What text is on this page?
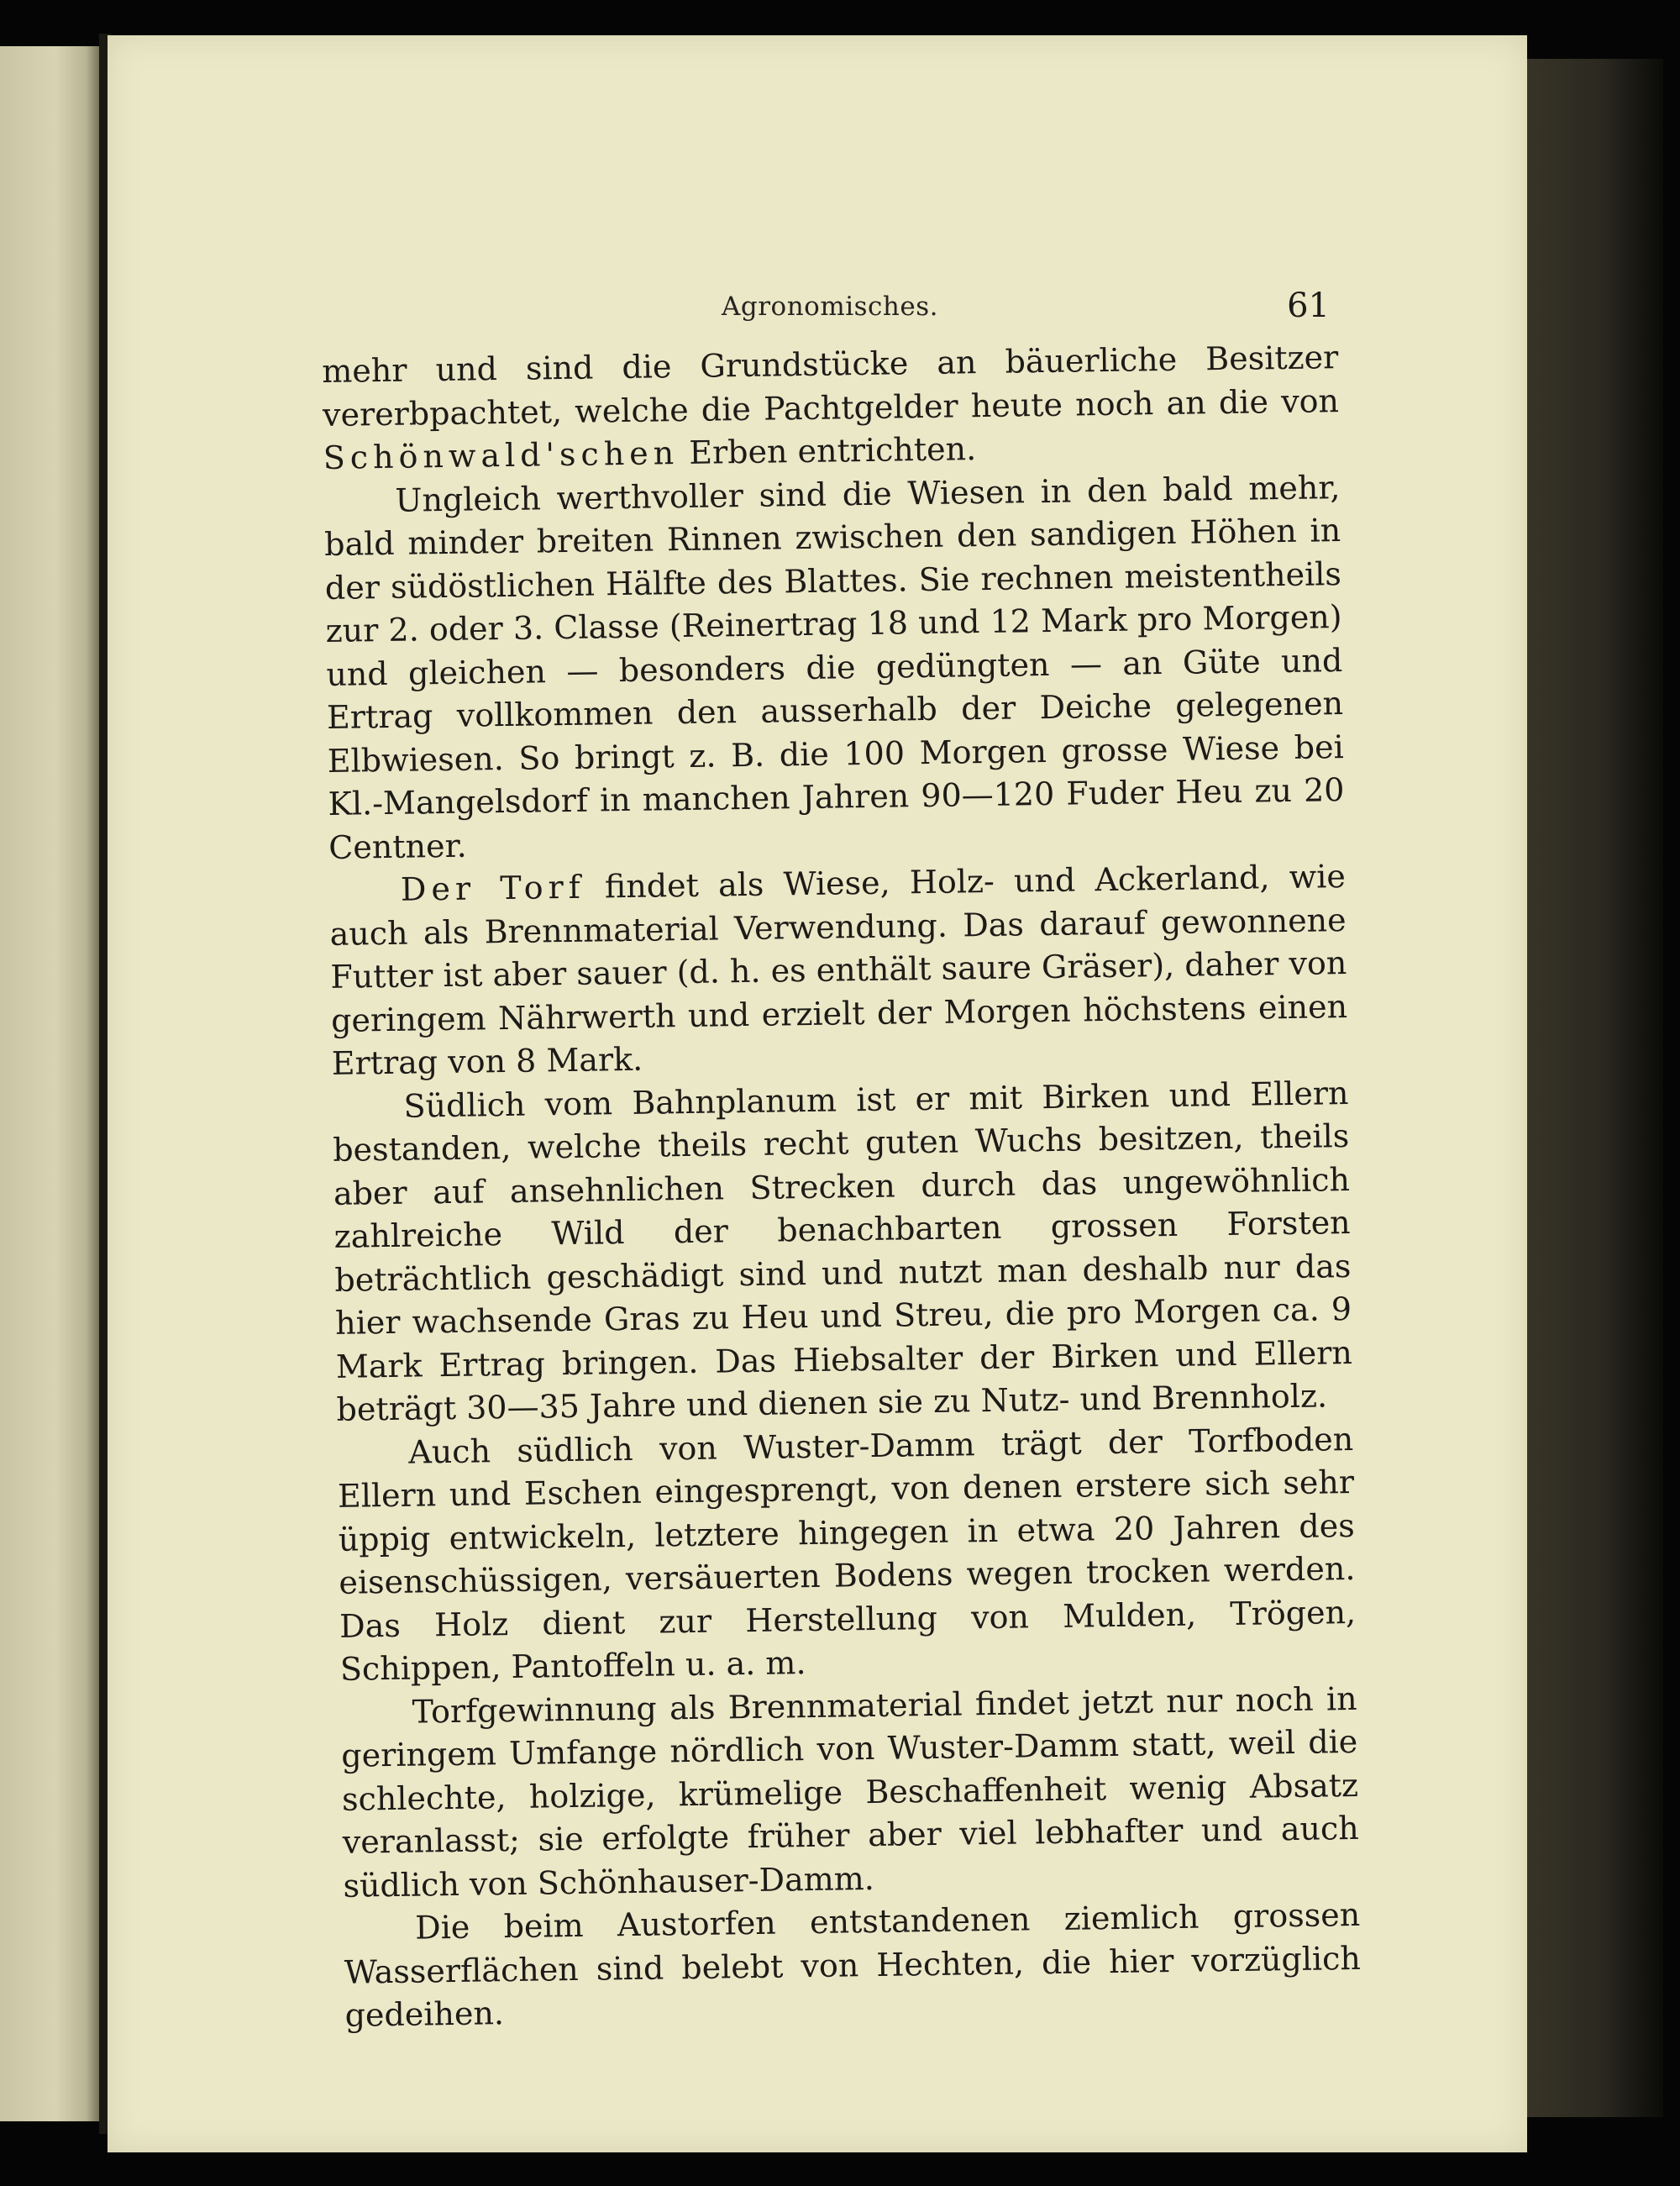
Agronomisches.	61

mehr und sind die Grundstücke an bäuerliche Besitzer vererbpachtet, welche die Pachtgelder heute noch an die von Schönwald'schen Erben entrichten.

Ungleich werthvoller sind die Wiesen in den bald mehr, bald minder breiten Rinnen zwischen den sandigen Höhen in der südöstlichen Hälfte des Blattes. Sie rechnen meistentheils zur 2. oder 3. Classe (Reinertrag 18 und 12 Mark pro Morgen) und gleichen — besonders die gedüngten — an Güte und Ertrag vollkommen den ausserhalb der Deiche gelegenen Elbwiesen. So bringt z. B. die 100 Morgen grosse Wiese bei Kl.-Mangelsdorf in manchen Jahren 90—120 Fuder Heu zu 20 Centner.

Der Torf findet als Wiese, Holz- und Ackerland, wie auch als Brennmaterial Verwendung. Das darauf gewonnene Futter ist aber sauer (d. h. es enthält saure Gräser), daher von geringem Nährwerth und erzielt der Morgen höchstens einen Ertrag von 8 Mark.

Südlich vom Bahnplanum ist er mit Birken und Ellern bestanden, welche theils recht guten Wuchs besitzen, theils aber auf ansehnlichen Strecken durch das ungewöhnlich zahlreiche Wild der benachbarten grossen Forsten beträchtlich geschädigt sind und nutzt man deshalb nur das hier wachsende Gras zu Heu und Streu, die pro Morgen ca. 9 Mark Ertrag bringen. Das Hiebsalter der Birken und Ellern beträgt 30—35 Jahre und dienen sie zu Nutz- und Brennholz.

Auch südlich von Wuster-Damm trägt der Torfboden Ellern und Eschen eingesprengt, von denen erstere sich sehr üppig entwickeln, letztere hingegen in etwa 20 Jahren des eisenschüssigen, versäuerten Bodens wegen trocken werden. Das Holz dient zur Herstellung von Mulden, Trögen, Schippen, Pantoffeln u. a. m.

Torfgewinnung als Brennmaterial findet jetzt nur noch in geringem Umfange nördlich von Wuster-Damm statt, weil die schlechte, holzige, krümelige Beschaffenheit wenig Absatz veranlasst; sie erfolgte früher aber viel lebhafter und auch südlich von Schönhauser-Damm.

Die beim Austorfen entstandenen ziemlich grossen Wasserflächen sind belebt von Hechten, die hier vorzüglich gedeihen.
